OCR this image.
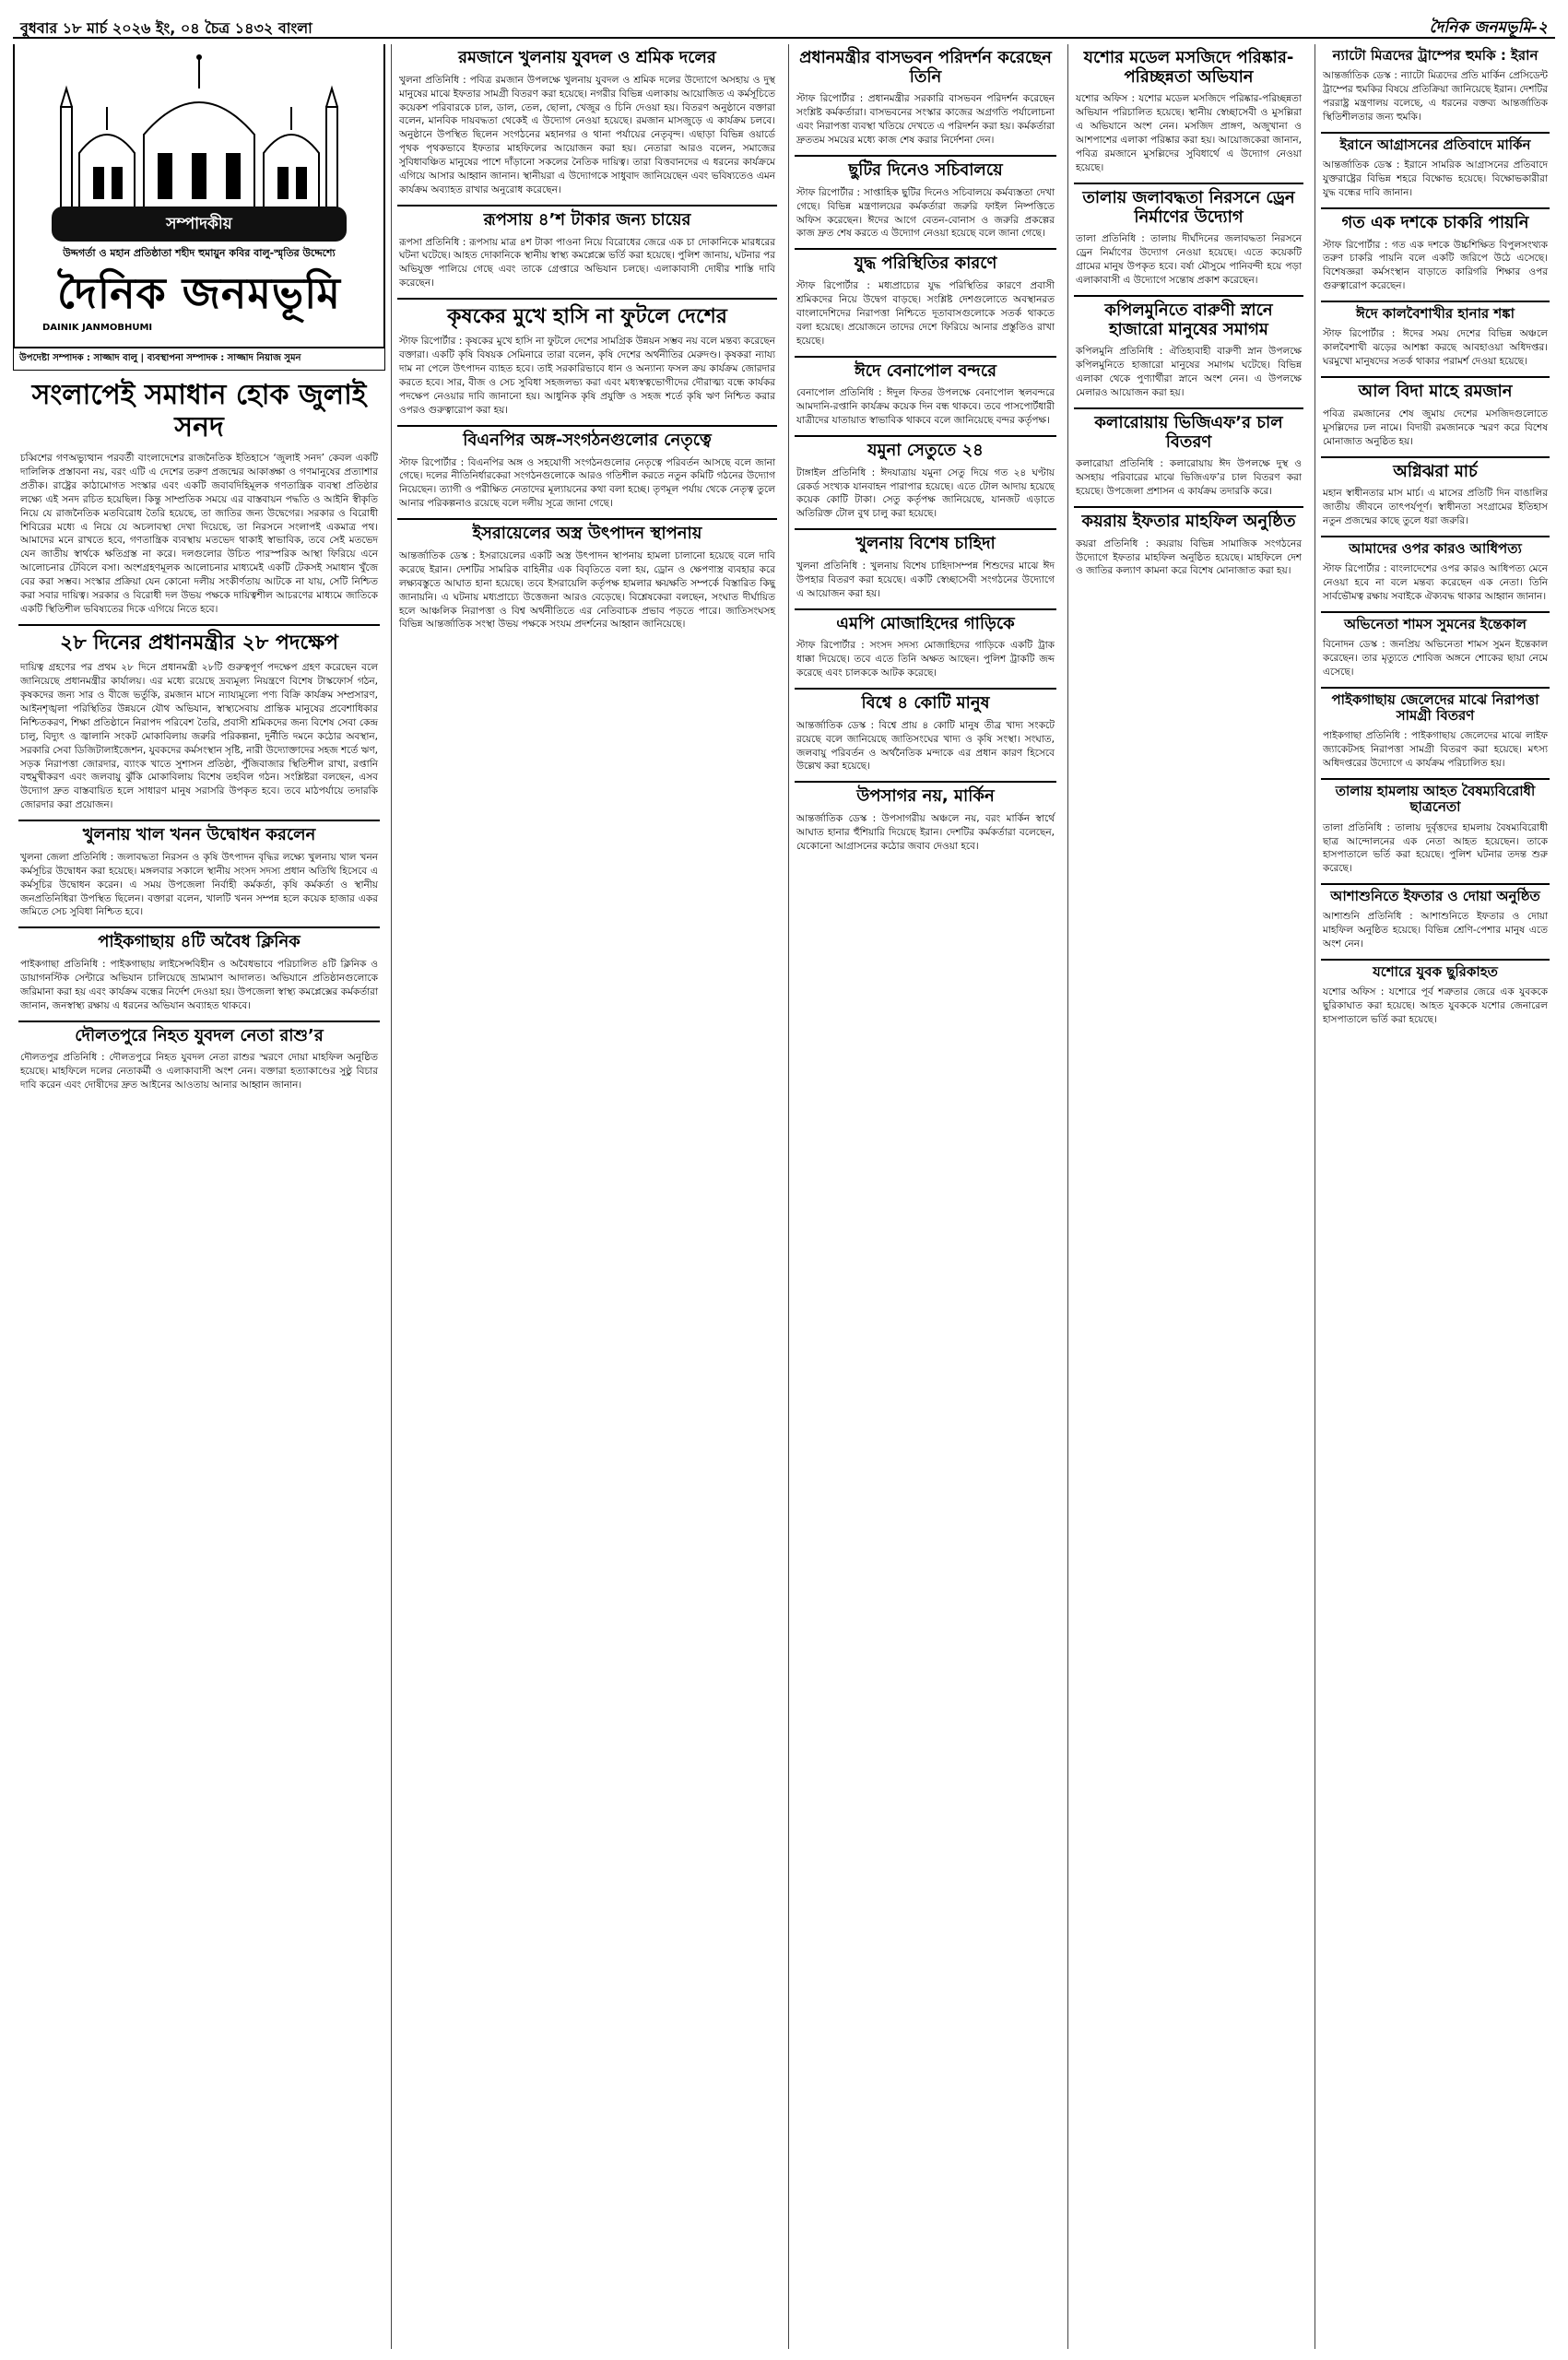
বুধবার ১৮ মার্চ ২০২৬ ইং, ০৪ চৈত্র ১৪৩২ বাংলা	দৈনিক জনমভূমি-২
সম্পাদকীয়
উদ্দগর্তা ও মহান প্রতিষ্ঠাতা শহীদ হুমায়ুন কবির বালু-স্মৃতির উদ্দেশ্যে
দৈনিক জনমভূমি
DAINIK JANMOBHUMI
উপদেষ্টা সম্পাদক : সাজ্জাদ বালু | ব্যবস্থাপনা সম্পাদক : সাজ্জাদ নিয়াজ সুমন
সংলাপেই সমাধান হোক জুলাই সনদ

চব্বিশের গণঅভ্যুত্থান পরবর্তী বাংলাদেশের রাজনৈতিক ইতিহাসে ‘জুলাই সনদ’ কেবল একটি দালিলিক প্রস্তাবনা নয়, বরং এটি এ দেশের তরুণ প্রজন্মের আকাঙ্ক্ষা ও গণমানুষের প্রত্যাশার প্রতীক। রাষ্ট্রের কাঠামোগত সংস্কার এবং একটি জবাবদিহিমূলক গণতান্ত্রিক ব্যবস্থা প্রতিষ্ঠার লক্ষ্যে এই সনদ রচিত হয়েছিল। কিন্তু সাম্প্রতিক সময়ে এর বাস্তবায়ন পদ্ধতি ও আইনি স্বীকৃতি নিয়ে যে রাজনৈতিক মতবিরোধ তৈরি হয়েছে, তা জাতির জন্য উদ্বেগের। সরকার ও বিরোধী শিবিরের মধ্যে এ নিয়ে যে অচলাবস্থা দেখা দিয়েছে, তা নিরসনে সংলাপই একমাত্র পথ। আমাদের মনে রাখতে হবে, গণতান্ত্রিক ব্যবস্থায় মতভেদ থাকাই স্বাভাবিক, তবে সেই মতভেদ যেন জাতীয় স্বার্থকে ক্ষতিগ্রস্ত না করে। দলগুলোর উচিত পারস্পরিক আস্থা ফিরিয়ে এনে আলোচনার টেবিলে বসা। অংশগ্রহণমূলক আলোচনার মাধ্যমেই একটি টেকসই সমাধান খুঁজে বের করা সম্ভব। সংস্কার প্রক্রিয়া যেন কোনো দলীয় সংকীর্ণতায় আটকে না যায়, সেটি নিশ্চিত করা সবার দায়িত্ব। সরকার ও বিরোধী দল উভয় পক্ষকে দায়িত্বশীল আচরণের মাধ্যমে জাতিকে একটি স্থিতিশীল ভবিষ্যতের দিকে এগিয়ে নিতে হবে।

২৮ দিনের প্রধানমন্ত্রীর ২৮ পদক্ষেপ

দায়িত্ব গ্রহণের পর প্রথম ২৮ দিনে প্রধানমন্ত্রী ২৮টি গুরুত্বপূর্ণ পদক্ষেপ গ্রহণ করেছেন বলে জানিয়েছে প্রধানমন্ত্রীর কার্যালয়। এর মধ্যে রয়েছে দ্রব্যমূল্য নিয়ন্ত্রণে বিশেষ টাস্কফোর্স গঠন, কৃষকদের জন্য সার ও বীজে ভর্তুকি, রমজান মাসে ন্যায্যমূল্যে পণ্য বিক্রি কার্যক্রম সম্প্রসারণ, আইনশৃঙ্খলা পরিস্থিতির উন্নয়নে যৌথ অভিযান, স্বাস্থ্যসেবায় প্রান্তিক মানুষের প্রবেশাধিকার নিশ্চিতকরণ, শিক্ষা প্রতিষ্ঠানে নিরাপদ পরিবেশ তৈরি, প্রবাসী শ্রমিকদের জন্য বিশেষ সেবা কেন্দ্র চালু, বিদ্যুৎ ও জ্বালানি সংকট মোকাবিলায় জরুরি পরিকল্পনা, দুর্নীতি দমনে কঠোর অবস্থান, সরকারি সেবা ডিজিটালাইজেশন, যুবকদের কর্মসংস্থান সৃষ্টি, নারী উদ্যোক্তাদের সহজ শর্তে ঋণ, সড়ক নিরাপত্তা জোরদার, ব্যাংক খাতে সুশাসন প্রতিষ্ঠা, পুঁজিবাজার স্থিতিশীল রাখা, রপ্তানি বহুমুখীকরণ এবং জলবায়ু ঝুঁকি মোকাবিলায় বিশেষ তহবিল গঠন। সংশ্লিষ্টরা বলছেন, এসব উদ্যোগ দ্রুত বাস্তবায়িত হলে সাধারণ মানুষ সরাসরি উপকৃত হবে। তবে মাঠপর্যায়ে তদারকি জোরদার করা প্রয়োজন।

খুলনায় খাল খনন উদ্বোধন করলেন

খুলনা জেলা প্রতিনিধি : জলাবদ্ধতা নিরসন ও কৃষি উৎপাদন বৃদ্ধির লক্ষ্যে খুলনায় খাল খনন কর্মসূচির উদ্বোধন করা হয়েছে। মঙ্গলবার সকালে স্থানীয় সংসদ সদস্য প্রধান অতিথি হিসেবে এ কর্মসূচির উদ্বোধন করেন। এ সময় উপজেলা নির্বাহী কর্মকর্তা, কৃষি কর্মকর্তা ও স্থানীয় জনপ্রতিনিধিরা উপস্থিত ছিলেন। বক্তারা বলেন, খালটি খনন সম্পন্ন হলে কয়েক হাজার একর জমিতে সেচ সুবিধা নিশ্চিত হবে।

পাইকগাছায় ৪টি অবৈধ ক্লিনিক

পাইকগাছা প্রতিনিধি : পাইকগাছায় লাইসেন্সবিহীন ও অবৈধভাবে পরিচালিত ৪টি ক্লিনিক ও ডায়াগনস্টিক সেন্টারে অভিযান চালিয়েছে ভ্রাম্যমাণ আদালত। অভিযানে প্রতিষ্ঠানগুলোকে জরিমানা করা হয় এবং কার্যক্রম বন্ধের নির্দেশ দেওয়া হয়। উপজেলা স্বাস্থ্য কমপ্লেক্সের কর্মকর্তারা জানান, জনস্বাস্থ্য রক্ষায় এ ধরনের অভিযান অব্যাহত থাকবে।

দৌলতপুরে নিহত যুবদল নেতা রাশু’র

দৌলতপুর প্রতিনিধি : দৌলতপুরে নিহত যুবদল নেতা রাশুর স্মরণে দোয়া মাহফিল অনুষ্ঠিত হয়েছে। মাহফিলে দলের নেতাকর্মী ও এলাকাবাসী অংশ নেন। বক্তারা হত্যাকাণ্ডের সুষ্ঠু বিচার দাবি করেন এবং দোষীদের দ্রুত আইনের আওতায় আনার আহ্বান জানান।

রমজানে খুলনায় যুবদল ও শ্রমিক দলের

খুলনা প্রতিনিধি : পবিত্র রমজান উপলক্ষে খুলনায় যুবদল ও শ্রমিক দলের উদ্যোগে অসহায় ও দুস্থ মানুষের মাঝে ইফতার সামগ্রী বিতরণ করা হয়েছে। নগরীর বিভিন্ন এলাকায় আয়োজিত এ কর্মসূচিতে কয়েকশ পরিবারকে চাল, ডাল, তেল, ছোলা, খেজুর ও চিনি দেওয়া হয়। বিতরণ অনুষ্ঠানে বক্তারা বলেন, মানবিক দায়বদ্ধতা থেকেই এ উদ্যোগ নেওয়া হয়েছে। রমজান মাসজুড়ে এ কার্যক্রম চলবে। অনুষ্ঠানে উপস্থিত ছিলেন সংগঠনের মহানগর ও থানা পর্যায়ের নেতৃবৃন্দ। এছাড়া বিভিন্ন ওয়ার্ডে পৃথক পৃথকভাবে ইফতার মাহফিলের আয়োজন করা হয়। নেতারা আরও বলেন, সমাজের সুবিধাবঞ্চিত মানুষের পাশে দাঁড়ানো সকলের নৈতিক দায়িত্ব। তারা বিত্তবানদের এ ধরনের কার্যক্রমে এগিয়ে আসার আহ্বান জানান। স্থানীয়রা এ উদ্যোগকে সাধুবাদ জানিয়েছেন এবং ভবিষ্যতেও এমন কার্যক্রম অব্যাহত রাখার অনুরোধ করেছেন।

রূপসায় ৪’শ টাকার জন্য চায়ের

রূপসা প্রতিনিধি : রূপসায় মাত্র ৪শ টাকা পাওনা নিয়ে বিরোধের জেরে এক চা দোকানিকে মারধরের ঘটনা ঘটেছে। আহত দোকানিকে স্থানীয় স্বাস্থ্য কমপ্লেক্সে ভর্তি করা হয়েছে। পুলিশ জানায়, ঘটনার পর অভিযুক্ত পালিয়ে গেছে এবং তাকে গ্রেপ্তারে অভিযান চলছে। এলাকাবাসী দোষীর শাস্তি দাবি করেছেন।

কৃষকের মুখে হাসি না ফুটলে দেশের

স্টাফ রিপোর্টার : কৃষকের মুখে হাসি না ফুটলে দেশের সামগ্রিক উন্নয়ন সম্ভব নয় বলে মন্তব্য করেছেন বক্তারা। একটি কৃষি বিষয়ক সেমিনারে তারা বলেন, কৃষি দেশের অর্থনীতির মেরুদণ্ড। কৃষকরা ন্যায্য দাম না পেলে উৎপাদন ব্যাহত হবে। তাই সরকারিভাবে ধান ও অন্যান্য ফসল ক্রয় কার্যক্রম জোরদার করতে হবে। সার, বীজ ও সেচ সুবিধা সহজলভ্য করা এবং মধ্যস্বত্বভোগীদের দৌরাত্ম্য বন্ধে কার্যকর পদক্ষেপ নেওয়ার দাবি জানানো হয়। আধুনিক কৃষি প্রযুক্তি ও সহজ শর্তে কৃষি ঋণ নিশ্চিত করার ওপরও গুরুত্বারোপ করা হয়।

বিএনপির অঙ্গ-সংগঠনগুলোর নেতৃত্বে

স্টাফ রিপোর্টার : বিএনপির অঙ্গ ও সহযোগী সংগঠনগুলোর নেতৃত্বে পরিবর্তন আসছে বলে জানা গেছে। দলের নীতিনির্ধারকেরা সংগঠনগুলোকে আরও গতিশীল করতে নতুন কমিটি গঠনের উদ্যোগ নিয়েছেন। ত্যাগী ও পরীক্ষিত নেতাদের মূল্যায়নের কথা বলা হচ্ছে। তৃণমূল পর্যায় থেকে নেতৃত্ব তুলে আনার পরিকল্পনাও রয়েছে বলে দলীয় সূত্রে জানা গেছে।

ইসরায়েলের অস্ত্র উৎপাদন স্থাপনায়

আন্তর্জাতিক ডেস্ক : ইসরায়েলের একটি অস্ত্র উৎপাদন স্থাপনায় হামলা চালানো হয়েছে বলে দাবি করেছে ইরান। দেশটির সামরিক বাহিনীর এক বিবৃতিতে বলা হয়, ড্রোন ও ক্ষেপণাস্ত্র ব্যবহার করে লক্ষ্যবস্তুতে আঘাত হানা হয়েছে। তবে ইসরায়েলি কর্তৃপক্ষ হামলার ক্ষয়ক্ষতি সম্পর্কে বিস্তারিত কিছু জানায়নি। এ ঘটনায় মধ্যপ্রাচ্যে উত্তেজনা আরও বেড়েছে। বিশ্লেষকেরা বলছেন, সংঘাত দীর্ঘায়িত হলে আঞ্চলিক নিরাপত্তা ও বিশ্ব অর্থনীতিতে এর নেতিবাচক প্রভাব পড়তে পারে। জাতিসংঘসহ বিভিন্ন আন্তর্জাতিক সংস্থা উভয় পক্ষকে সংযম প্রদর্শনের আহ্বান জানিয়েছে।

প্রধানমন্ত্রীর বাসভবন পরিদর্শন করেছেন তিনি

স্টাফ রিপোর্টার : প্রধানমন্ত্রীর সরকারি বাসভবন পরিদর্শন করেছেন সংশ্লিষ্ট কর্মকর্তারা। বাসভবনের সংস্কার কাজের অগ্রগতি পর্যালোচনা এবং নিরাপত্তা ব্যবস্থা খতিয়ে দেখতে এ পরিদর্শন করা হয়। কর্মকর্তারা দ্রুততম সময়ের মধ্যে কাজ শেষ করার নির্দেশনা দেন।

ছুটির দিনেও সচিবালয়ে

স্টাফ রিপোর্টার : সাপ্তাহিক ছুটির দিনেও সচিবালয়ে কর্মব্যস্ততা দেখা গেছে। বিভিন্ন মন্ত্রণালয়ের কর্মকর্তারা জরুরি ফাইল নিষ্পত্তিতে অফিস করেছেন। ঈদের আগে বেতন-বোনাস ও জরুরি প্রকল্পের কাজ দ্রুত শেষ করতে এ উদ্যোগ নেওয়া হয়েছে বলে জানা গেছে।

যুদ্ধ পরিস্থিতির কারণে

স্টাফ রিপোর্টার : মধ্যপ্রাচ্যের যুদ্ধ পরিস্থিতির কারণে প্রবাসী শ্রমিকদের নিয়ে উদ্বেগ বাড়ছে। সংশ্লিষ্ট দেশগুলোতে অবস্থানরত বাংলাদেশিদের নিরাপত্তা নিশ্চিতে দূতাবাসগুলোকে সতর্ক থাকতে বলা হয়েছে। প্রয়োজনে তাদের দেশে ফিরিয়ে আনার প্রস্তুতিও রাখা হয়েছে।

ঈদে বেনাপোল বন্দরে

বেনাপোল প্রতিনিধি : ঈদুল ফিতর উপলক্ষে বেনাপোল স্থলবন্দরে আমদানি-রপ্তানি কার্যক্রম কয়েক দিন বন্ধ থাকবে। তবে পাসপোর্টধারী যাত্রীদের যাতায়াত স্বাভাবিক থাকবে বলে জানিয়েছে বন্দর কর্তৃপক্ষ।

যমুনা সেতুতে ২৪

টাঙ্গাইল প্রতিনিধি : ঈদযাত্রায় যমুনা সেতু দিয়ে গত ২৪ ঘণ্টায় রেকর্ড সংখ্যক যানবাহন পারাপার হয়েছে। এতে টোল আদায় হয়েছে কয়েক কোটি টাকা। সেতু কর্তৃপক্ষ জানিয়েছে, যানজট এড়াতে অতিরিক্ত টোল বুথ চালু করা হয়েছে।

খুলনায় বিশেষ চাহিদা

খুলনা প্রতিনিধি : খুলনায় বিশেষ চাহিদাসম্পন্ন শিশুদের মাঝে ঈদ উপহার বিতরণ করা হয়েছে। একটি স্বেচ্ছাসেবী সংগঠনের উদ্যোগে এ আয়োজন করা হয়।

এমপি মোজাহিদের গাড়িকে

স্টাফ রিপোর্টার : সংসদ সদস্য মোজাহিদের গাড়িকে একটি ট্রাক ধাক্কা দিয়েছে। তবে এতে তিনি অক্ষত আছেন। পুলিশ ট্রাকটি জব্দ করেছে এবং চালককে আটক করেছে।

বিশ্বে ৪ কোটি মানুষ

আন্তর্জাতিক ডেস্ক : বিশ্বে প্রায় ৪ কোটি মানুষ তীব্র খাদ্য সংকটে রয়েছে বলে জানিয়েছে জাতিসংঘের খাদ্য ও কৃষি সংস্থা। সংঘাত, জলবায়ু পরিবর্তন ও অর্থনৈতিক মন্দাকে এর প্রধান কারণ হিসেবে উল্লেখ করা হয়েছে।

উপসাগর নয়, মার্কিন

আন্তর্জাতিক ডেস্ক : উপসাগরীয় অঞ্চলে নয়, বরং মার্কিন স্বার্থে আঘাত হানার হুঁশিয়ারি দিয়েছে ইরান। দেশটির কর্মকর্তারা বলেছেন, যেকোনো আগ্রাসনের কঠোর জবাব দেওয়া হবে।

যশোর মডেল মসজিদে পরিষ্কার-পরিচ্ছন্নতা অভিযান

যশোর অফিস : যশোর মডেল মসজিদে পরিষ্কার-পরিচ্ছন্নতা অভিযান পরিচালিত হয়েছে। স্থানীয় স্বেচ্ছাসেবী ও মুসল্লিরা এ অভিযানে অংশ নেন। মসজিদ প্রাঙ্গণ, অজুখানা ও আশপাশের এলাকা পরিষ্কার করা হয়। আয়োজকেরা জানান, পবিত্র রমজানে মুসল্লিদের সুবিধার্থে এ উদ্যোগ নেওয়া হয়েছে।

তালায় জলাবদ্ধতা নিরসনে ড্রেন নির্মাণের উদ্যোগ

তালা প্রতিনিধি : তালায় দীর্ঘদিনের জলাবদ্ধতা নিরসনে ড্রেন নির্মাণের উদ্যোগ নেওয়া হয়েছে। এতে কয়েকটি গ্রামের মানুষ উপকৃত হবে। বর্ষা মৌসুমে পানিবন্দী হয়ে পড়া এলাকাবাসী এ উদ্যোগে সন্তোষ প্রকাশ করেছেন।

কপিলমুনিতে বারুণী স্নানে হাজারো মানুষের সমাগম

কপিলমুনি প্রতিনিধি : ঐতিহ্যবাহী বারুণী স্নান উপলক্ষে কপিলমুনিতে হাজারো মানুষের সমাগম ঘটেছে। বিভিন্ন এলাকা থেকে পুণ্যার্থীরা স্নানে অংশ নেন। এ উপলক্ষে মেলারও আয়োজন করা হয়।

কলারোয়ায় ভিজিএফ’র চাল বিতরণ

কলারোয়া প্রতিনিধি : কলারোয়ায় ঈদ উপলক্ষে দুস্থ ও অসহায় পরিবারের মাঝে ভিজিএফ’র চাল বিতরণ করা হয়েছে। উপজেলা প্রশাসন এ কার্যক্রম তদারকি করে।

কয়রায় ইফতার মাহফিল অনুষ্ঠিত

কয়রা প্রতিনিধি : কয়রায় বিভিন্ন সামাজিক সংগঠনের উদ্যোগে ইফতার মাহফিল অনুষ্ঠিত হয়েছে। মাহফিলে দেশ ও জাতির কল্যাণ কামনা করে বিশেষ মোনাজাত করা হয়।

ন্যাটো মিত্রদের ট্রাম্পের হুমকি : ইরান

আন্তর্জাতিক ডেস্ক : ন্যাটো মিত্রদের প্রতি মার্কিন প্রেসিডেন্ট ট্রাম্পের হুমকির বিষয়ে প্রতিক্রিয়া জানিয়েছে ইরান। দেশটির পররাষ্ট্র মন্ত্রণালয় বলেছে, এ ধরনের বক্তব্য আন্তর্জাতিক স্থিতিশীলতার জন্য হুমকি।

ইরানে আগ্রাসনের প্রতিবাদে মার্কিন

আন্তর্জাতিক ডেস্ক : ইরানে সামরিক আগ্রাসনের প্রতিবাদে যুক্তরাষ্ট্রের বিভিন্ন শহরে বিক্ষোভ হয়েছে। বিক্ষোভকারীরা যুদ্ধ বন্ধের দাবি জানান।

গত এক দশকে চাকরি পায়নি

স্টাফ রিপোর্টার : গত এক দশকে উচ্চশিক্ষিত বিপুলসংখ্যক তরুণ চাকরি পায়নি বলে একটি জরিপে উঠে এসেছে। বিশেষজ্ঞরা কর্মসংস্থান বাড়াতে কারিগরি শিক্ষার ওপর গুরুত্বারোপ করেছেন।

ঈদে কালবৈশাখীর হানার শঙ্কা

স্টাফ রিপোর্টার : ঈদের সময় দেশের বিভিন্ন অঞ্চলে কালবৈশাখী ঝড়ের আশঙ্কা করছে আবহাওয়া অধিদপ্তর। ঘরমুখো মানুষদের সতর্ক থাকার পরামর্শ দেওয়া হয়েছে।

আল বিদা মাহে রমজান

পবিত্র রমজানের শেষ জুমায় দেশের মসজিদগুলোতে মুসল্লিদের ঢল নামে। বিদায়ী রমজানকে স্মরণ করে বিশেষ মোনাজাত অনুষ্ঠিত হয়।

অগ্নিঝরা মার্চ

মহান স্বাধীনতার মাস মার্চ। এ মাসের প্রতিটি দিন বাঙালির জাতীয় জীবনে তাৎপর্যপূর্ণ। স্বাধীনতা সংগ্রামের ইতিহাস নতুন প্রজন্মের কাছে তুলে ধরা জরুরি।

আমাদের ওপর কারও আধিপত্য

স্টাফ রিপোর্টার : বাংলাদেশের ওপর কারও আধিপত্য মেনে নেওয়া হবে না বলে মন্তব্য করেছেন এক নেতা। তিনি সার্বভৌমত্ব রক্ষায় সবাইকে ঐক্যবদ্ধ থাকার আহ্বান জানান।

অভিনেতা শামস সুমনের ইন্তেকাল

বিনোদন ডেস্ক : জনপ্রিয় অভিনেতা শামস সুমন ইন্তেকাল করেছেন। তার মৃত্যুতে শোবিজ অঙ্গনে শোকের ছায়া নেমে এসেছে।

পাইকগাছায় জেলেদের মাঝে নিরাপত্তা সামগ্রী বিতরণ

পাইকগাছা প্রতিনিধি : পাইকগাছায় জেলেদের মাঝে লাইফ জ্যাকেটসহ নিরাপত্তা সামগ্রী বিতরণ করা হয়েছে। মৎস্য অধিদপ্তরের উদ্যোগে এ কার্যক্রম পরিচালিত হয়।

তালায় হামলায় আহত বৈষম্যবিরোধী ছাত্রনেতা

তালা প্রতিনিধি : তালায় দুর্বৃত্তদের হামলায় বৈষম্যবিরোধী ছাত্র আন্দোলনের এক নেতা আহত হয়েছেন। তাকে হাসপাতালে ভর্তি করা হয়েছে। পুলিশ ঘটনার তদন্ত শুরু করেছে।

আশাশুনিতে ইফতার ও দোয়া অনুষ্ঠিত

আশাশুনি প্রতিনিধি : আশাশুনিতে ইফতার ও দোয়া মাহফিল অনুষ্ঠিত হয়েছে। বিভিন্ন শ্রেণি-পেশার মানুষ এতে অংশ নেন।

যশোরে যুবক ছুরিকাহত

যশোর অফিস : যশোরে পূর্ব শত্রুতার জেরে এক যুবককে ছুরিকাঘাত করা হয়েছে। আহত যুবককে যশোর জেনারেল হাসপাতালে ভর্তি করা হয়েছে।
